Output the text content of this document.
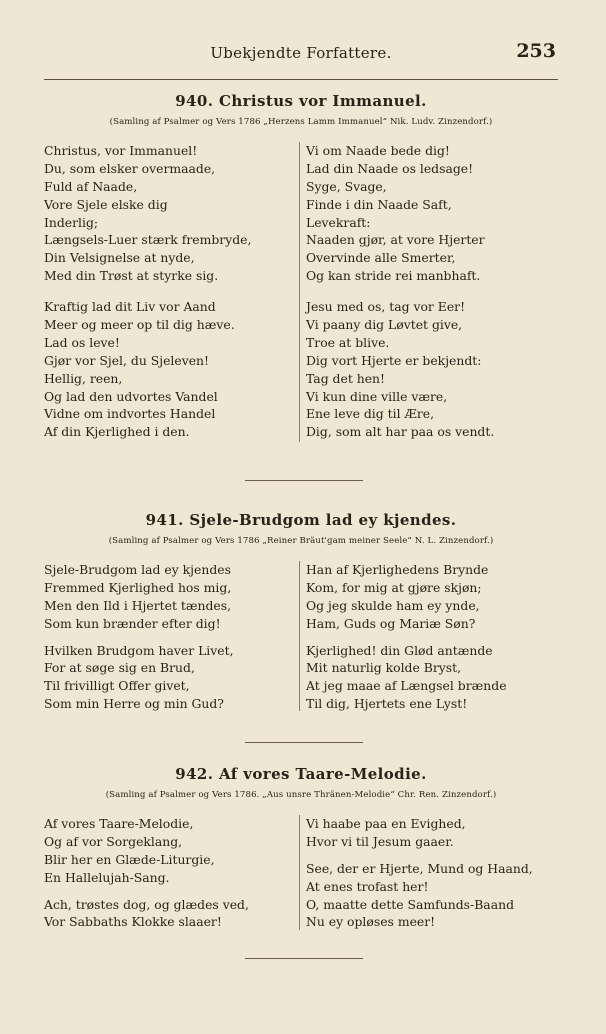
Ubekjendte Forfattere.	253
940. Christus vor Immanuel.
(Samling af Psalmer og Vers 1786 „Herzens Lamm Immanuel“ Nik. Ludv. Zinzendorf.)
Christus, vor Immanuel!
Du, som elsker overmaade,
Fuld af Naade,
Vore Sjele elske dig
Inderlig;
Længsels-Luer stærk frembryde,
Din Velsignelse at nyde,
Med din Trøst at styrke sig.
Kraftig lad dit Liv vor Aand
Meer og meer op til dig hæve.
Lad os leve!
Gjør vor Sjel, du Sjeleven!
Hellig, reen,
Og lad den udvortes Vandel
Vidne om indvortes Handel
Af din Kjerlighed i den.
Vi om Naade bede dig!
Lad din Naade os ledsage!
Syge, Svage,
Finde i din Naade Saft,
Levekraft:
Naaden gjør, at vore Hjerter
Overvinde alle Smerter,
Og kan stride rei manbhaft.
Jesu med os, tag vor Eer!
Vi paany dig Løvtet give,
Troe at blive.
Dig vort Hjerte er bekjendt:
Tag det hen!
Vi kun dine ville være,
Ene leve dig til Ære,
Dig, som alt har paa os vendt.
941. Sjele-Brudgom lad ey kjendes.
(Samling af Psalmer og Vers 1786 „Reiner Bräut'gam meiner Seele“ N. L. Zinzendorf.)
Sjele-Brudgom lad ey kjendes
Fremmed Kjerlighed hos mig,
Men den Ild i Hjertet tændes,
Som kun brænder efter dig!
Hvilken Brudgom haver Livet,
For at søge sig en Brud,
Til frivilligt Offer givet,
Som min Herre og min Gud?
Han af Kjerlighedens Brynde
Kom, for mig at gjøre skjøn;
Og jeg skulde ham ey ynde,
Ham, Guds og Mariæ Søn?
Kjerlighed! din Glød antænde
Mit naturlig kolde Bryst,
At jeg maae af Længsel brænde
Til dig, Hjertets ene Lyst!
942. Af vores Taare-Melodie.
(Samling af Psalmer og Vers 1786. „Aus unsre Thränen-Melodie“ Chr. Ren. Zinzendorf.)
Af vores Taare-Melodie,
Og af vor Sorgeklang,
Blir her en Glæde-Liturgie,
En Hallelujah-Sang.
Ach, trøstes dog, og glædes ved,
Vor Sabbaths Klokke slaaer!
Vi haabe paa en Evighed,
Hvor vi til Jesum gaaer.
See, der er Hjerte, Mund og Haand,
At enes trofast her!
O, maatte dette Samfunds-Baand
Nu ey opløses meer!
